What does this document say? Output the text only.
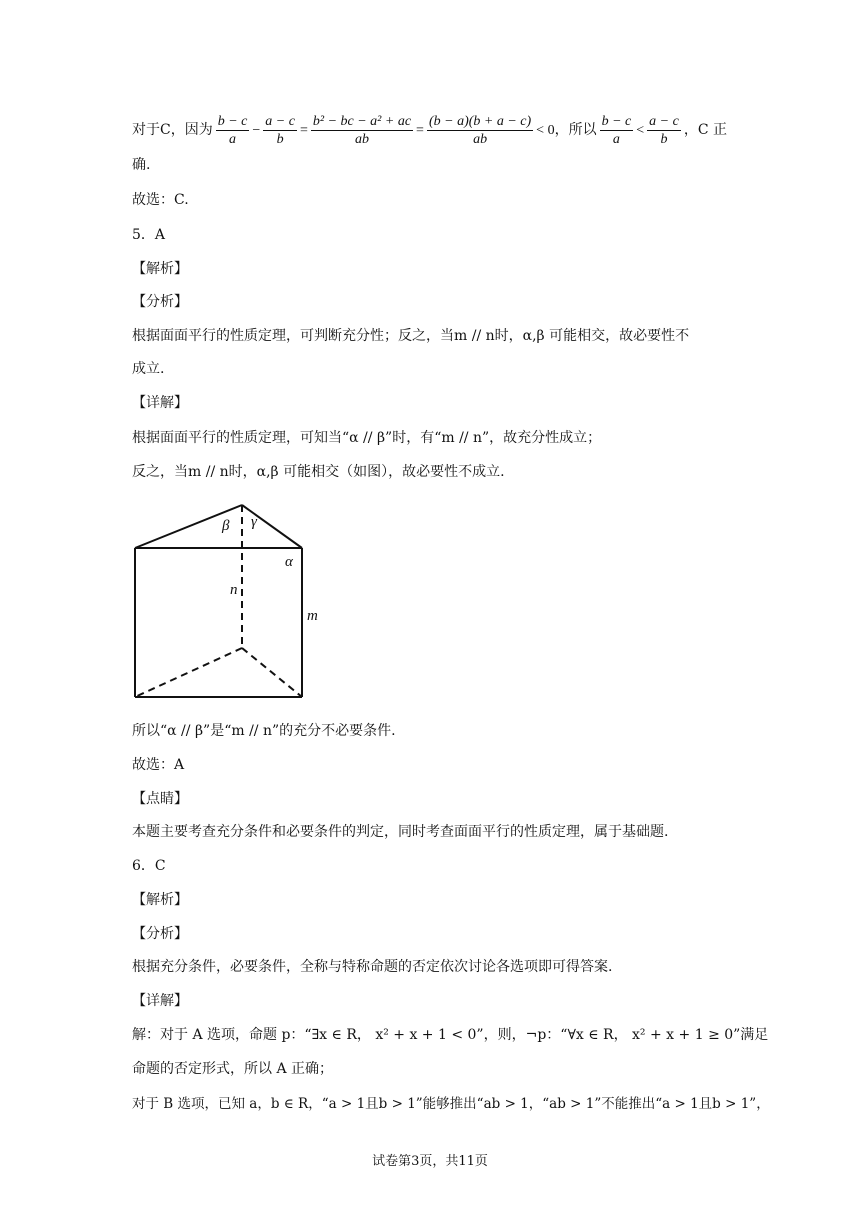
对于C，因为 $\frac{b - c}{a} - \frac{a - c}{b} = \frac{\text{b² − bc − a² + ac}}{ab} = \frac{(b - a)(b + a - c)}{ab} < 0$，所以 $\frac{b - c}{a} < \frac{a - c}{b}$ ，C 正
确.
故选：C.
5．A
【解析】
【分析】
根据面面平行的性质定理，可判断充分性；反之，当m // n时，α,β 可能相交，故必要性不
成立.
【详解】
根据面面平行的性质定理，可知当“α // β”时，有“m // n”，故充分性成立；
反之，当m // n时，α,β 可能相交（如图），故必要性不成立.
β γ
α
n
m
所以“α // β”是“m // n”的充分不必要条件.
故选：A
【点睛】
本题主要考查充分条件和必要条件的判定，同时考查面面平行的性质定理，属于基础题.
6．C
【解析】
【分析】
根据充分条件，必要条件，全称与特称命题的否定依次讨论各选项即可得答案.
【详解】
解：对于 A 选项，命题 p：“∃x ∈ R， x² + x + 1 < 0”，则，¬p：“∀x ∈ R， x² + x + 1 ≥ 0”满足
命题的否定形式，所以 A 正确；
对于 B 选项，已知 a，b ∈ R，“a > 1且b > 1”能够推出“ab > 1，“ab > 1”不能推出“a > 1且b > 1”，
试卷第3页，共11页
